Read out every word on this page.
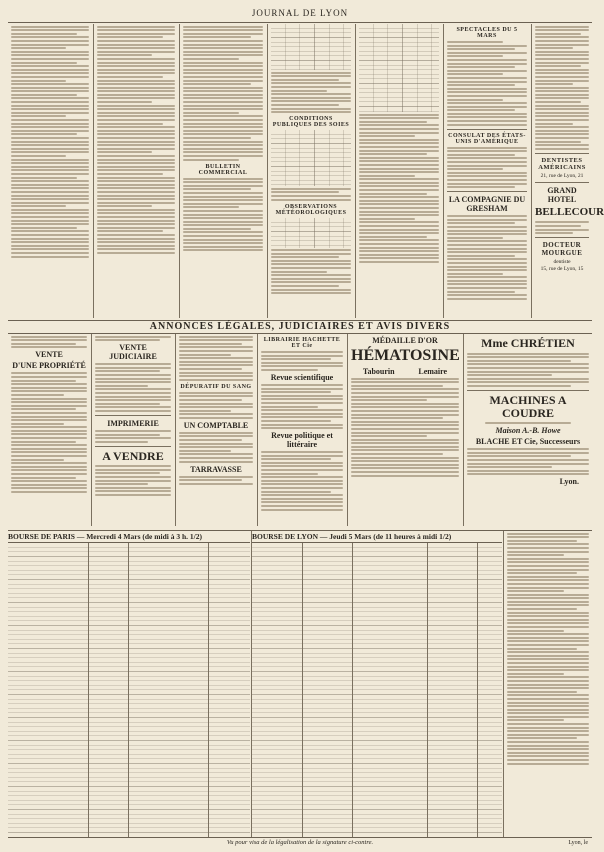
JOURNAL DE LYON
BULLETIN COMMERCIAL
CONDITIONS PUBLIQUES DES SOIES
OBSERVATIONS MÉTÉOROLOGIQUES
SPECTACLES DU 5 MARS
CONSULAT DES ÉTATS-UNIS D'AMÉRIQUE
LA COMPAGNIE DU GRESHAM
DENTISTES AMÉRICAINS
21, rue de Lyon, 21
GRAND HOTEL
BELLECOUR
DOCTEUR MOURGUE
dentiste
15, rue de Lyon, 15
ANNONCES LÉGALES, JUDICIAIRES ET AVIS DIVERS
VENTE
D'UNE PROPRIÉTÉ
VENTE JUDICIAIRE
IMPRIMERIE
A VENDRE
DÉPURATIF DU SANG
UN COMPTABLE
TARRAVASSE
LIBRAIRIE HACHETTE ET Cie
Revue scientifique
Revue politique et littéraire
MÉDAILLE D'OR
HÉMATOSINE
Tabourin	Lemaire
Mme CHRÉTIEN
MACHINES A COUDRE
Maison A.-B. Howe
BLACHE ET Cie, Successeurs
Lyon.
BOURSE DE PARIS — Mercredi 4 Mars (de midi à 3 h. 1/2)	BOURSE DE LYON — Jeudi 5 Mars (de 11 heures à midi 1/2)
Vu pour visa de la légalisation de la signature ci-contre.	Lyon, le
